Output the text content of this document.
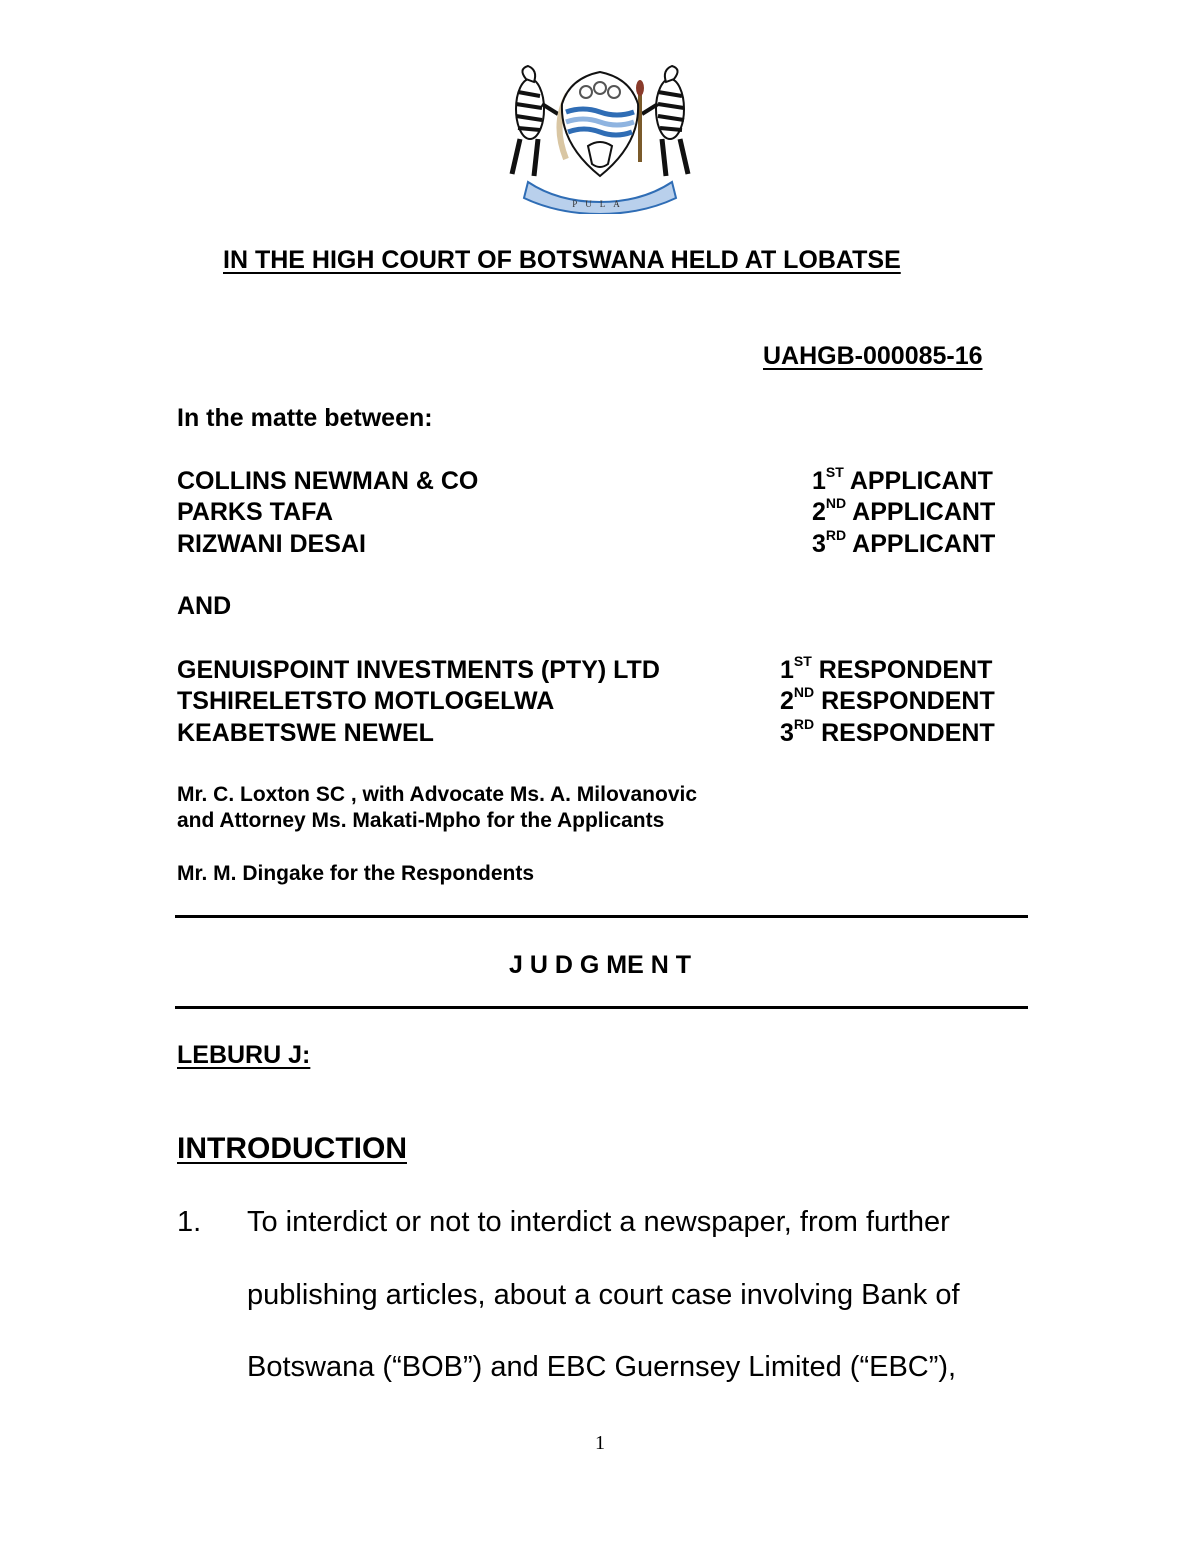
PULA
IN THE HIGH COURT OF BOTSWANA HELD AT LOBATSE
UAHGB-000085-16
In the matte between:
COLLINS NEWMAN & CO	1ST APPLICANT
PARKS TAFA	2ND APPLICANT
RIZWANI DESAI	3RD APPLICANT
AND
GENUISPOINT INVESTMENTS (PTY) LTD	1ST RESPONDENT
TSHIRELETSTO MOTLOGELWA	2ND RESPONDENT
KEABETSWE NEWEL	3RD RESPONDENT
Mr. C. Loxton SC , with Advocate Ms. A. Milovanovic
and Attorney Ms. Makati-Mpho for the Applicants
Mr. M. Dingake for the Respondents
J U D G ME N T
LEBURU J:
INTRODUCTION
1. To interdict or not to interdict a newspaper, from further
publishing articles, about a court case involving Bank of
Botswana (“BOB”) and EBC Guernsey Limited (“EBC”),
1
